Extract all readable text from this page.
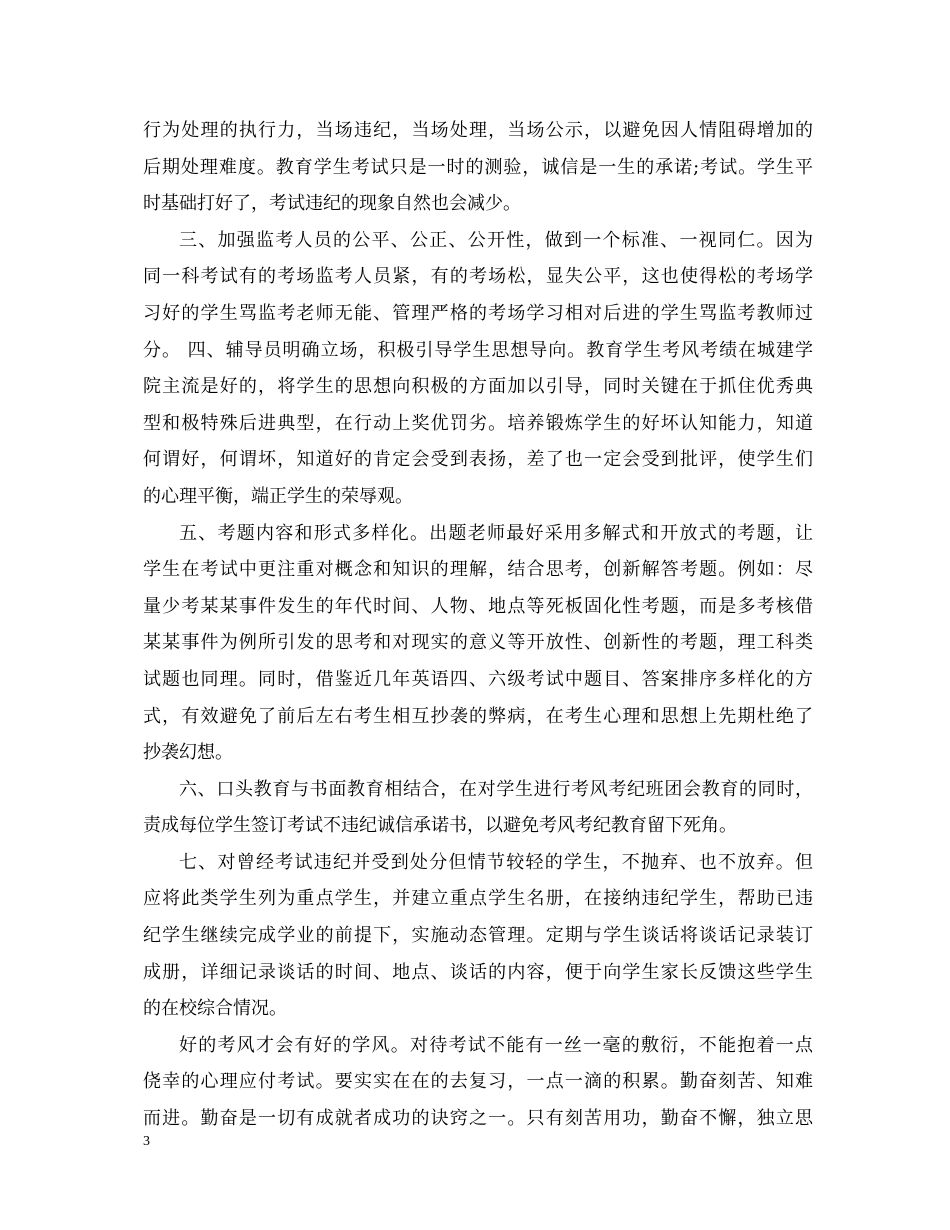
行为处理的执行力，当场违纪，当场处理，当场公示，以避免因人情阻碍增加的
后期处理难度。教育学生考试只是一时的测验，诚信是一生的承诺;考试。学生平
时基础打好了，考试违纪的现象自然也会减少。
三、加强监考人员的公平、公正、公开性，做到一个标准、一视同仁。因为
同一科考试有的考场监考人员紧，有的考场松，显失公平，这也使得松的考场学
习好的学生骂监考老师无能、管理严格的考场学习相对后进的学生骂监考教师过
分。 四、辅导员明确立场，积极引导学生思想导向。教育学生考风考绩在城建学
院主流是好的，将学生的思想向积极的方面加以引导，同时关键在于抓住优秀典
型和极特殊后进典型，在行动上奖优罚劣。培养锻炼学生的好坏认知能力，知道
何谓好，何谓坏，知道好的肯定会受到表扬，差了也一定会受到批评，使学生们
的心理平衡，端正学生的荣辱观。
五、考题内容和形式多样化。出题老师最好采用多解式和开放式的考题，让
学生在考试中更注重对概念和知识的理解，结合思考，创新解答考题。例如：尽
量少考某某事件发生的年代时间、人物、地点等死板固化性考题，而是多考核借
某某事件为例所引发的思考和对现实的意义等开放性、创新性的考题，理工科类
试题也同理。同时，借鉴近几年英语四、六级考试中题目、答案排序多样化的方
式，有效避免了前后左右考生相互抄袭的弊病，在考生心理和思想上先期杜绝了
抄袭幻想。
六、口头教育与书面教育相结合，在对学生进行考风考纪班团会教育的同时，
责成每位学生签订考试不违纪诚信承诺书，以避免考风考纪教育留下死角。
七、对曾经考试违纪并受到处分但情节较轻的学生，不抛弃、也不放弃。但
应将此类学生列为重点学生，并建立重点学生名册，在接纳违纪学生，帮助已违
纪学生继续完成学业的前提下，实施动态管理。定期与学生谈话将谈话记录装订
成册，详细记录谈话的时间、地点、谈话的内容，便于向学生家长反馈这些学生
的在校综合情况。
好的考风才会有好的学风。对待考试不能有一丝一毫的敷衍，不能抱着一点
侥幸的心理应付考试。要实实在在的去复习，一点一滴的积累。勤奋刻苦、知难
而进。勤奋是一切有成就者成功的诀窍之一。只有刻苦用功，勤奋不懈，独立思
3
